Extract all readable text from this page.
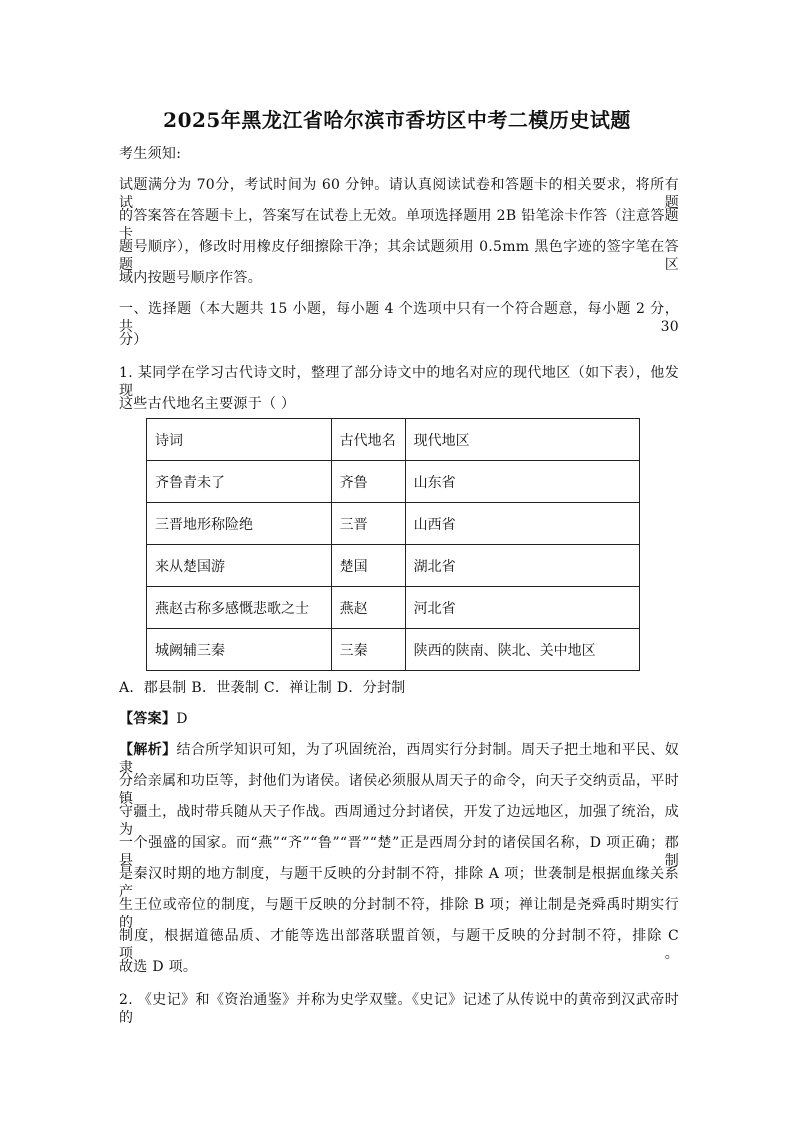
2025年黑龙江省哈尔滨市香坊区中考二模历史试题
考生须知:
试题满分为 70分，考试时间为 60 分钟。请认真阅读试卷和答题卡的相关要求，将所有试题
的答案答在答题卡上，答案写在试卷上无效。单项选择题用 2B 铅笔涂卡作答（注意答题卡
题号顺序），修改时用橡皮仔细擦除干净；其余试题须用 0.5mm 黑色字迹的签字笔在答题区
域内按题号顺序作答。
一、选择题（本大题共 15 小题，每小题 4 个选项中只有一个符合题意，每小题 2 分，共 30
分）
1. 某同学在学习古代诗文时，整理了部分诗文中的地名对应的现代地区（如下表），他发现
这些古代地名主要源于（ ）
诗词	古代地名	现代地区
齐鲁青未了	齐鲁	山东省
三晋地形称险绝	三晋	山西省
来从楚国游	楚国	湖北省
燕赵古称多感慨悲歌之士	燕赵	河北省
城阙辅三秦	三秦	陕西的陕南、陕北、关中地区
A．郡县制 B．世袭制 C．禅让制 D．分封制
【答案】D
【解析】结合所学知识可知，为了巩固统治，西周实行分封制。周天子把土地和平民、奴隶
分给亲属和功臣等，封他们为诸侯。诸侯必须服从周天子的命令，向天子交纳贡品，平时镇
守疆土，战时带兵随从天子作战。西周通过分封诸侯，开发了边远地区，加强了统治，成为
一个强盛的国家。而“燕”“齐”“鲁”“晋”“楚”正是西周分封的诸侯国名称，D 项正确；郡县制
是秦汉时期的地方制度，与题干反映的分封制不符，排除 A 项；世袭制是根据血缘关系产
生王位或帝位的制度，与题干反映的分封制不符，排除 B 项；禅让制是尧舜禹时期实行的
制度，根据道德品质、才能等选出部落联盟首领，与题干反映的分封制不符，排除 C 项。
故选 D 项。
2. 《史记》和《资治通鉴》并称为史学双璧。《史记》记述了从传说中的黄帝到汉武帝时的
